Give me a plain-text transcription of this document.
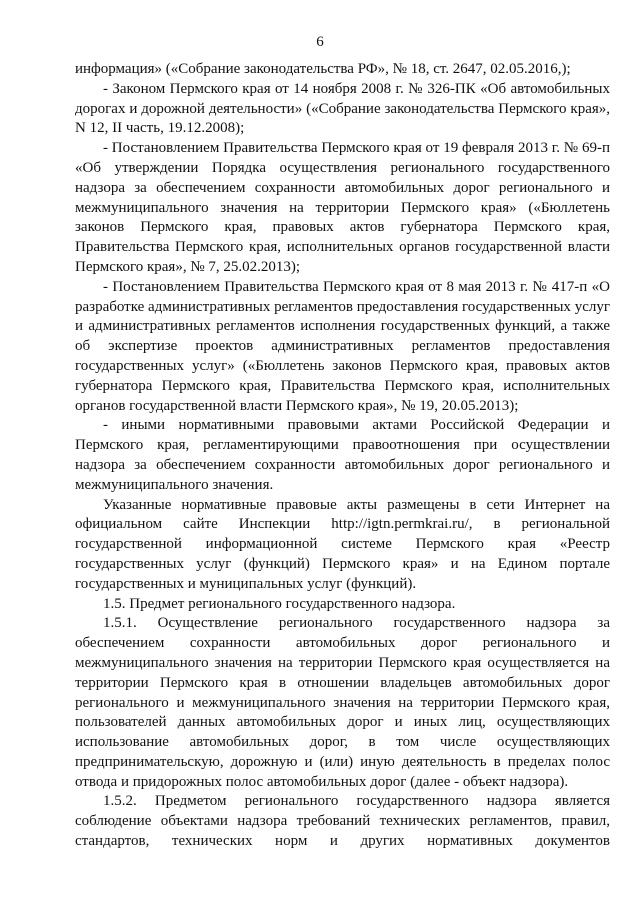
6

информация» («Собрание законодательства РФ», № 18, ст. 2647, 02.05.2016,);

- Законом Пермского края от 14 ноября 2008 г. № 326-ПК «Об автомобильных дорогах и дорожной деятельности» («Собрание законодательства Пермского края», N 12, II часть, 19.12.2008);

- Постановлением Правительства Пермского края от 19 февраля 2013 г. № 69-п «Об утверждении Порядка осуществления регионального государственного надзора за обеспечением сохранности автомобильных дорог регионального и межмуниципального значения на территории Пермского края» («Бюллетень законов Пермского края, правовых актов губернатора Пермского края, Правительства Пермского края, исполнительных органов государственной власти Пермского края», № 7, 25.02.2013);

- Постановлением Правительства Пермского края от 8 мая 2013 г. № 417-п «О разработке административных регламентов предоставления государственных услуг и административных регламентов исполнения государственных функций, а также об экспертизе проектов административных регламентов предоставления государственных услуг» («Бюллетень законов Пермского края, правовых актов губернатора Пермского края, Правительства Пермского края, исполнительных органов государственной власти Пермского края», № 19, 20.05.2013);

- иными нормативными правовыми актами Российской Федерации и Пермского края, регламентирующими правоотношения при осуществлении надзора за обеспечением сохранности автомобильных дорог регионального и межмуниципального значения.

Указанные нормативные правовые акты размещены в сети Интернет на официальном сайте Инспекции http://igtn.permkrai.ru/, в региональной государственной информационной системе Пермского края «Реестр государственных услуг (функций) Пермского края» и на Едином портале государственных и муниципальных услуг (функций).

1.5. Предмет регионального государственного надзора.

1.5.1. Осуществление регионального государственного надзора за обеспечением сохранности автомобильных дорог регионального и межмуниципального значения на территории Пермского края осуществляется на территории Пермского края в отношении владельцев автомобильных дорог регионального и межмуниципального значения на территории Пермского края, пользователей данных автомобильных дорог и иных лиц, осуществляющих использование автомобильных дорог, в том числе осуществляющих предпринимательскую, дорожную и (или) иную деятельность в пределах полос отвода и придорожных полос автомобильных дорог (далее - объект надзора).

1.5.2. Предметом регионального государственного надзора является соблюдение объектами надзора требований технических регламентов, правил, стандартов, технических норм и других нормативных документов
